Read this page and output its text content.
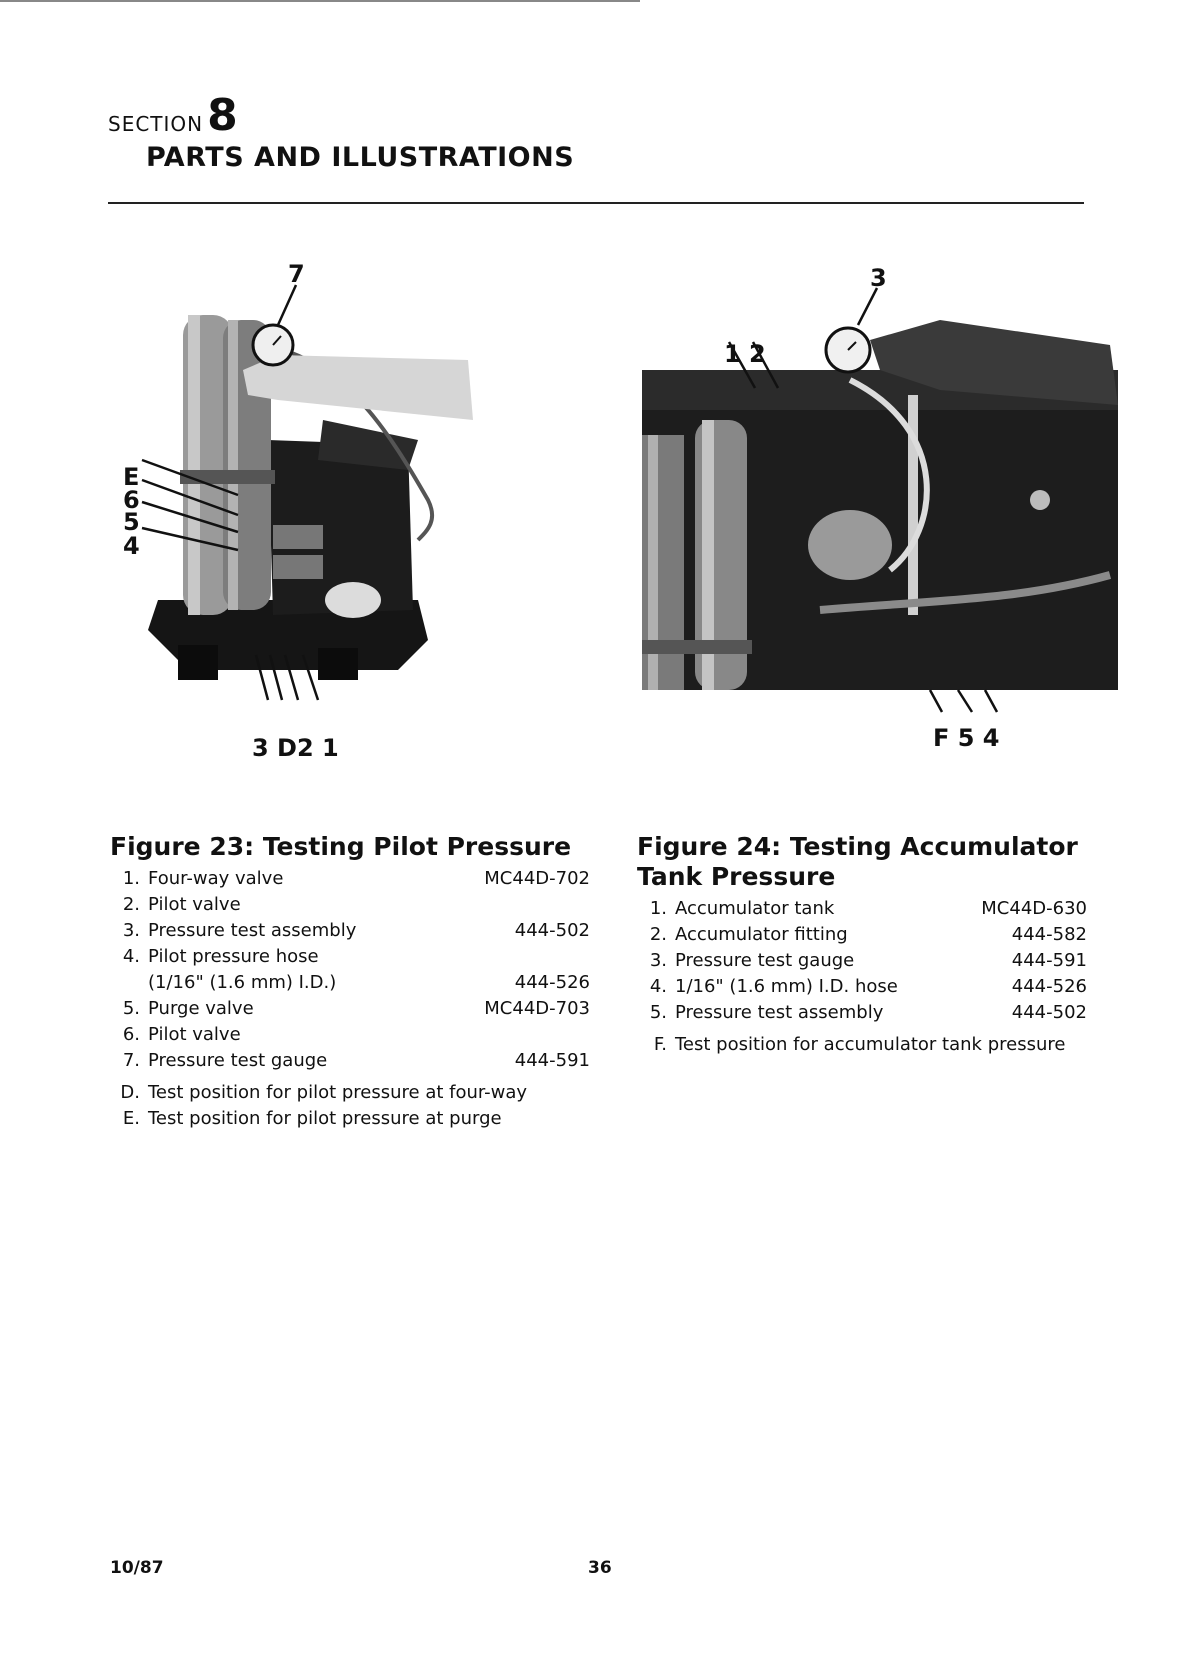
SECTION 8
PARTS AND ILLUSTRATIONS
7
E
6
5
4
3 D2 1
3
1 2
F 5 4
Figure 23: Testing Pilot Pressure
1. Four-way valve	MC44D-702
2. Pilot valve
3. Pressure test assembly	444-502
4. Pilot pressure hose
(1/16" (1.6 mm) I.D.)	444-526
5. Purge valve	MC44D-703
6. Pilot valve
7. Pressure test gauge	444-591
D. Test position for pilot pressure at four-way
E. Test position for pilot pressure at purge
Figure 24: Testing Accumulator
Tank Pressure
1. Accumulator tank	MC44D-630
2. Accumulator fitting	444-582
3. Pressure test gauge	444-591
4. 1/16" (1.6 mm) I.D. hose	444-526
5. Pressure test assembly	444-502
F. Test position for accumulator tank pressure
10/87	36
